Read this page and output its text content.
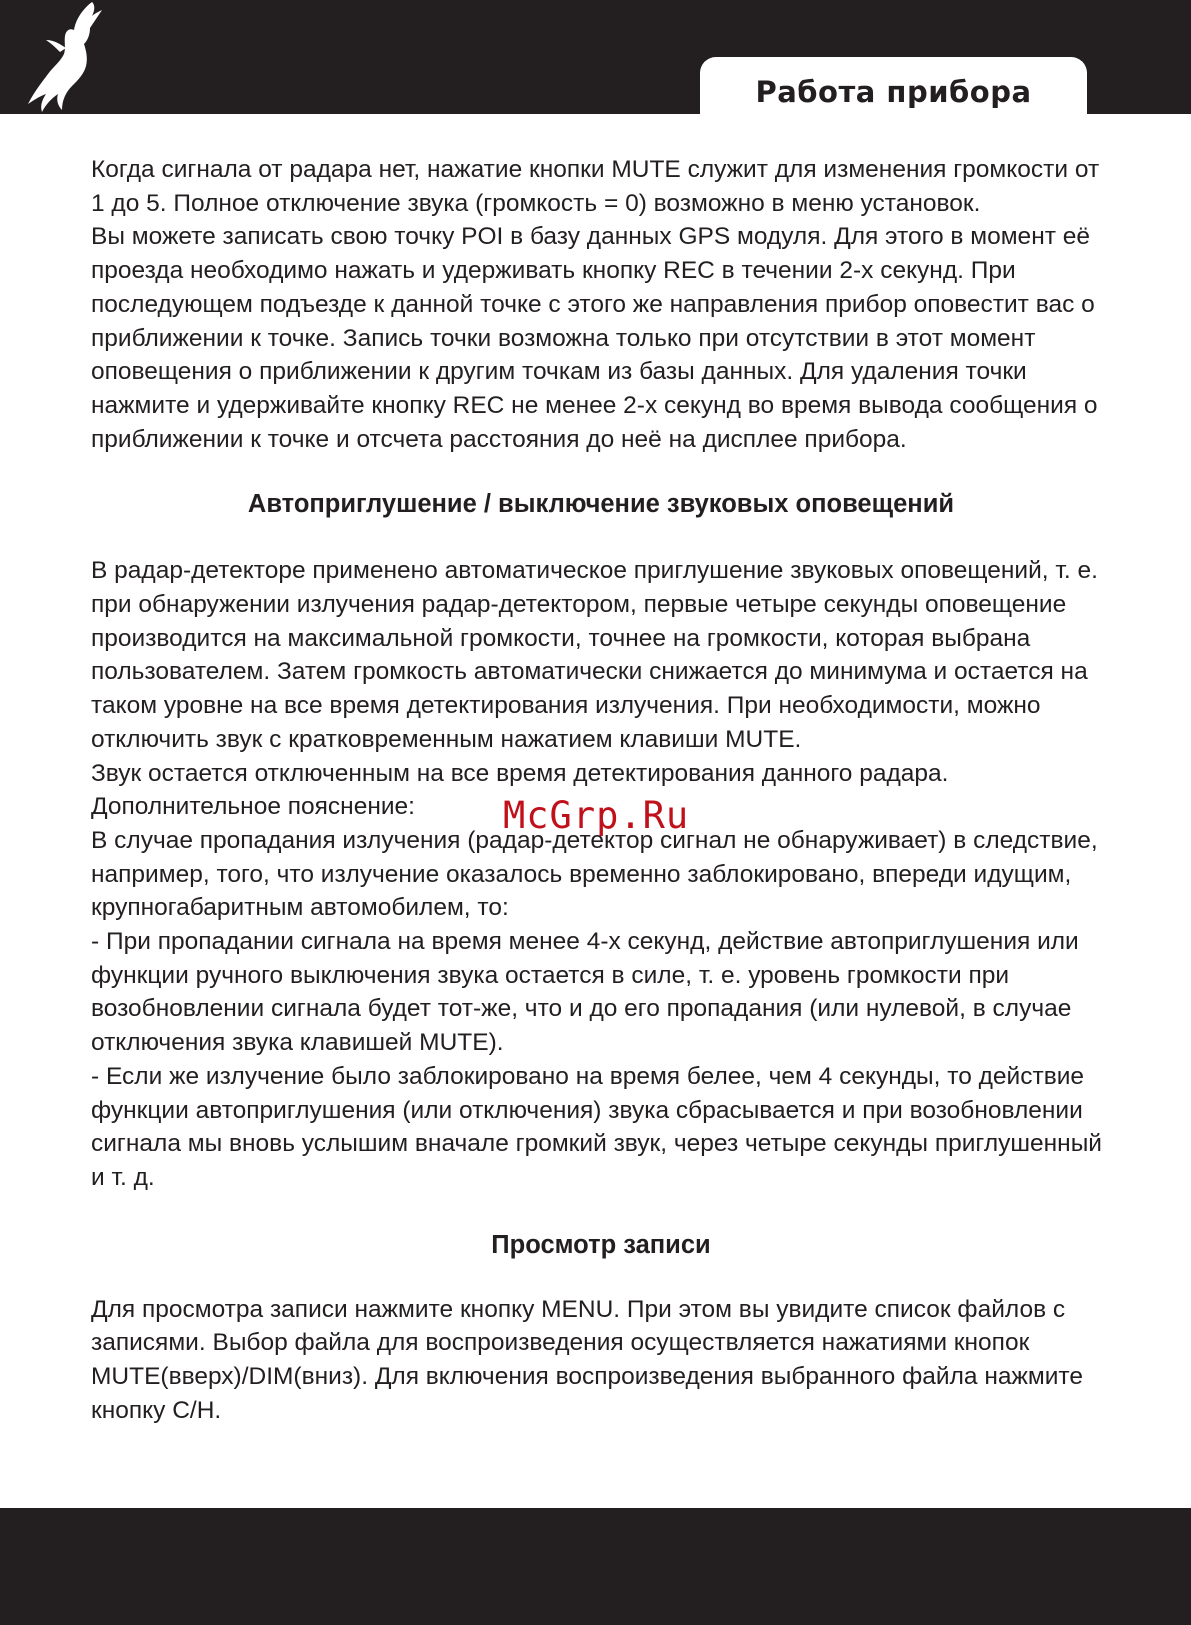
Работа прибора

Когда сигнала от радара нет, нажатие кнопки MUTE служит для изменения громкости от 1 до 5. Полное отключение звука (громкость = 0) возможно в меню установок.

Вы можете записать свою точку POI в базу данных GPS модуля. Для этого в момент её проезда необходимо нажать и удерживать кнопку REC в течении 2-х секунд. При последующем подъезде к данной точке с этого же направления прибор оповестит вас о приближении к точке. Запись точки возможна только при отсутствии в этот момент оповещения о приближении к другим точкам из базы данных. Для удаления точки нажмите и удерживайте кнопку REC не менее 2-х секунд во время вывода сообщения о приближении к точке и отсчета расстояния до неё на дисплее прибора.

Автоприглушение / выключение звуковых оповещений

В радар-детекторе применено автоматическое приглушение звуковых оповещений, т. е. при обнаружении излучения радар-детектором, первые четыре секунды оповещение производится на максимальной громкости, точнее на громкости, которая выбрана пользователем. Затем громкость автоматически снижается до минимума и остается на таком уровне на все время детектирования излучения. При необходимости, можно отключить звук с кратковременным нажатием клавиши MUTE.

Звук остается отключенным на все время детектирования данного радара.

Дополнительное пояснение:

В случае пропадания излучения (радар-детектор сигнал не обнаруживает) в следствие, например, того, что излучение оказалось временно заблокировано, впереди идущим, крупногабаритным автомобилем, то:

- При пропадании сигнала на время менее 4-х секунд, действие автоприглушения или функции ручного выключения звука остается в силе, т. е. уровень громкости при возобновлении сигнала будет тот-же, что и до его пропадания (или нулевой, в случае отключения звука клавишей MUTE).

- Если же излучение было заблокировано на время белее, чем 4 секунды, то действие функции автоприглушения (или отключения) звука сбрасывается и при возобновлении сигнала мы вновь услышим вначале громкий звук, через четыре секунды приглушенный и т. д.

Просмотр записи

Для просмотра записи нажмите кнопку MENU. При этом вы увидите список файлов с записями. Выбор файла для воспроизведения осуществляется нажатиями кнопок MUTE(вверх)/DIM(вниз). Для включения воспроизведения выбранного файла нажмите кнопку C/H.

McGrp.Ru
